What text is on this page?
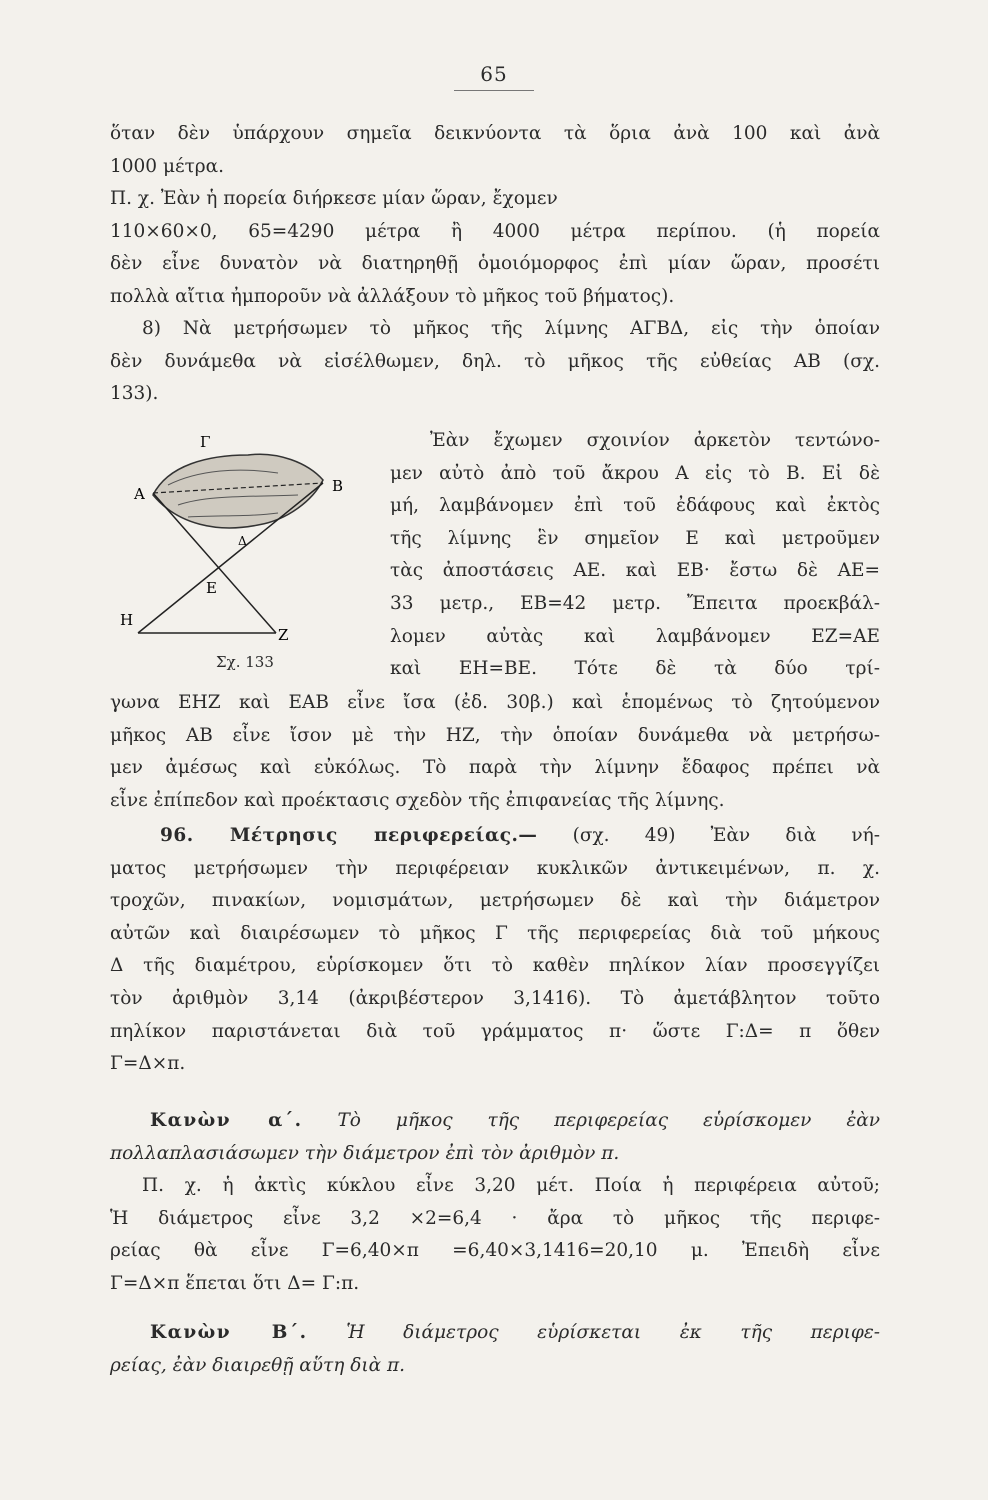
65
ὅταν δὲν ὑπάρχουν σημεῖα δεικνύοντα τὰ ὅρια ἀνὰ 100 καὶ ἀνὰ
1000 μέτρα.
Π. χ. Ἐὰν ἡ πορεία διήρκεσε μίαν ὥραν, ἔχομεν
110×60×0, 65=4290 μέτρα ἢ 4000 μέτρα περίπου. (ἡ πορεία
δὲν εἶνε δυνατὸν νὰ διατηρηθῇ ὁμοιόμορφος ἐπὶ μίαν ὥραν, προσέτι
πολλὰ αἴτια ἠμποροῦν νὰ ἀλλάξουν τὸ μῆκος τοῦ βήματος).
8) Νὰ μετρήσωμεν τὸ μῆκος τῆς λίμνης ΑΓΒΔ, εἰς τὴν ὁποίαν
δὲν δυνάμεθα νὰ εἰσέλθωμεν, δηλ. τὸ μῆκος τῆς εὐθείας ΑΒ (σχ.
133).
Γ
Α	Β
Δ
Ε
Η
Ζ
Σχ. 133
Ἐὰν ἔχωμεν σχοινίον ἀρκετὸν τεντώνο-
μεν αὐτὸ ἀπὸ τοῦ ἄκρου Α εἰς τὸ Β. Εἰ δὲ
μή, λαμβάνομεν ἐπὶ τοῦ ἐδάφους καὶ ἐκτὸς
τῆς λίμνης ἓν σημεῖον Ε καὶ μετροῦμεν
τὰς ἀποστάσεις ΑΕ. καὶ ΕΒ· ἔστω δὲ ΑΕ=
33 μετρ., ΕΒ=42 μετρ. Ἔπειτα προεκβάλ-
λομεν αὐτὰς καὶ λαμβάνομεν ΕΖ=ΑΕ
καὶ ΕΗ=ΒΕ. Τότε δὲ τὰ δύο τρί-
γωνα ΕΗΖ καὶ ΕΑΒ εἶνε ἴσα (ἐδ. 30β.) καὶ ἑπομένως τὸ ζητούμενον
μῆκος ΑΒ εἶνε ἴσον μὲ τὴν ΗΖ, τὴν ὁποίαν δυνάμεθα νὰ μετρήσω-
μεν ἀμέσως καὶ εὐκόλως. Τὸ παρὰ τὴν λίμνην ἔδαφος πρέπει νὰ
εἶνε ἐπίπεδον καὶ προέκτασις σχεδὸν τῆς ἐπιφανείας τῆς λίμνης.
96. Μέτρησις περιφερείας.— (σχ. 49) Ἐὰν διὰ νή-
ματος μετρήσωμεν τὴν περιφέρειαν κυκλικῶν ἀντικειμένων, π. χ.
τροχῶν, πινακίων, νομισμάτων, μετρήσωμεν δὲ καὶ τὴν διάμετρον
αὐτῶν καὶ διαιρέσωμεν τὸ μῆκος Γ τῆς περιφερείας διὰ τοῦ μήκους
Δ τῆς διαμέτρου, εὑρίσκομεν ὅτι τὸ καθὲν πηλίκον λίαν προσεγγίζει
τὸν ἀριθμὸν 3,14 (ἀκριβέστερον 3,1416). Τὸ ἀμετάβλητον τοῦτο
πηλίκον παριστάνεται διὰ τοῦ γράμματος π· ὥστε Γ:Δ= π ὅθεν
Γ=Δ×π.
Κανὼν α΄. Τὸ μῆκος τῆς περιφερείας εὑρίσκομεν ἐὰν
πολλαπλασιάσωμεν τὴν διάμετρον ἐπὶ τὸν ἀριθμὸν π.
Π. χ. ἡ ἀκτὶς κύκλου εἶνε 3,20 μέτ. Ποία ἡ περιφέρεια αὐτοῦ;
Ἡ διάμετρος εἶνε 3,2 ×2=6,4 · ἄρα τὸ μῆκος τῆς περιφε-
ρείας θὰ εἶνε Γ=6,40×π =6,40×3,1416=20,10 μ. Ἐπειδὴ εἶνε
Γ=Δ×π ἕπεται ὅτι Δ= Γ:π.
Κανὼν Β΄. Ἡ διάμετρος εὑρίσκεται ἐκ τῆς περιφε-
ρείας, ἐὰν διαιρεθῇ αὕτη διὰ π.
